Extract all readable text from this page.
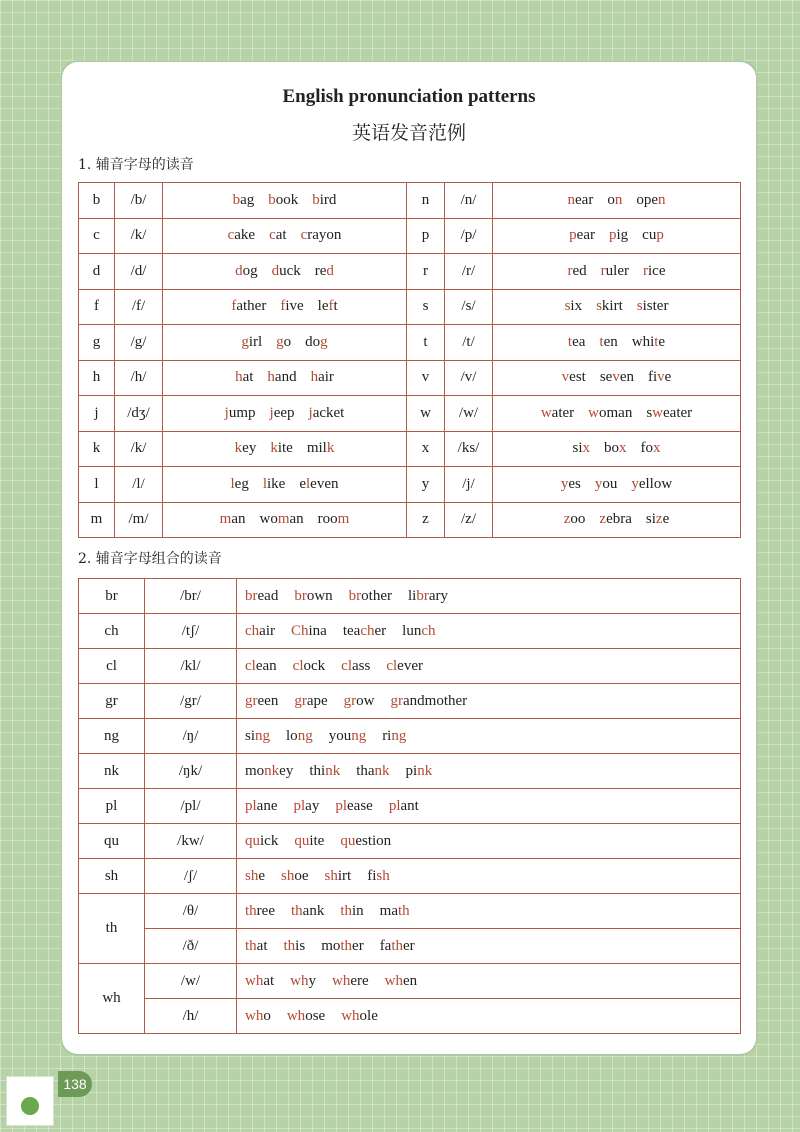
English pronunciation patterns
英语发音范例
1. 辅音字母的读音
b	/b/	bag book bird	n	/n/	near on open
c	/k/	cake cat crayon	p	/p/	pear pig cup
d	/d/	dog duck red	r	/r/	red ruler rice
f	/f/	father five left	s	/s/	six skirt sister
g	/g/	girl go dog	t	/t/	tea ten white
h	/h/	hat hand hair	v	/v/	vest seven five
j	/dʒ/	jump jeep jacket	w	/w/	water woman sweater
k	/k/	key kite milk	x	/ks/	six box fox
l	/l/	leg like eleven	y	/j/	yes you yellow
m	/m/	man woman room	z	/z/	zoo zebra size
2. 辅音字母组合的读音
br	/br/	bread brown brother library
ch	/tʃ/	chair China teacher lunch
cl	/kl/	clean clock class clever
gr	/gr/	green grape grow grandmother
ng	/ŋ/	sing long young ring
nk	/ŋk/	monkey think thank pink
pl	/pl/	plane play please plant
qu	/kw/	quick quite question
sh	/ʃ/	she shoe shirt fish
th	/θ/	three thank thin math
	/ð/	that this mother father
wh	/w/	what why where when
	/h/	who whose whole
138
